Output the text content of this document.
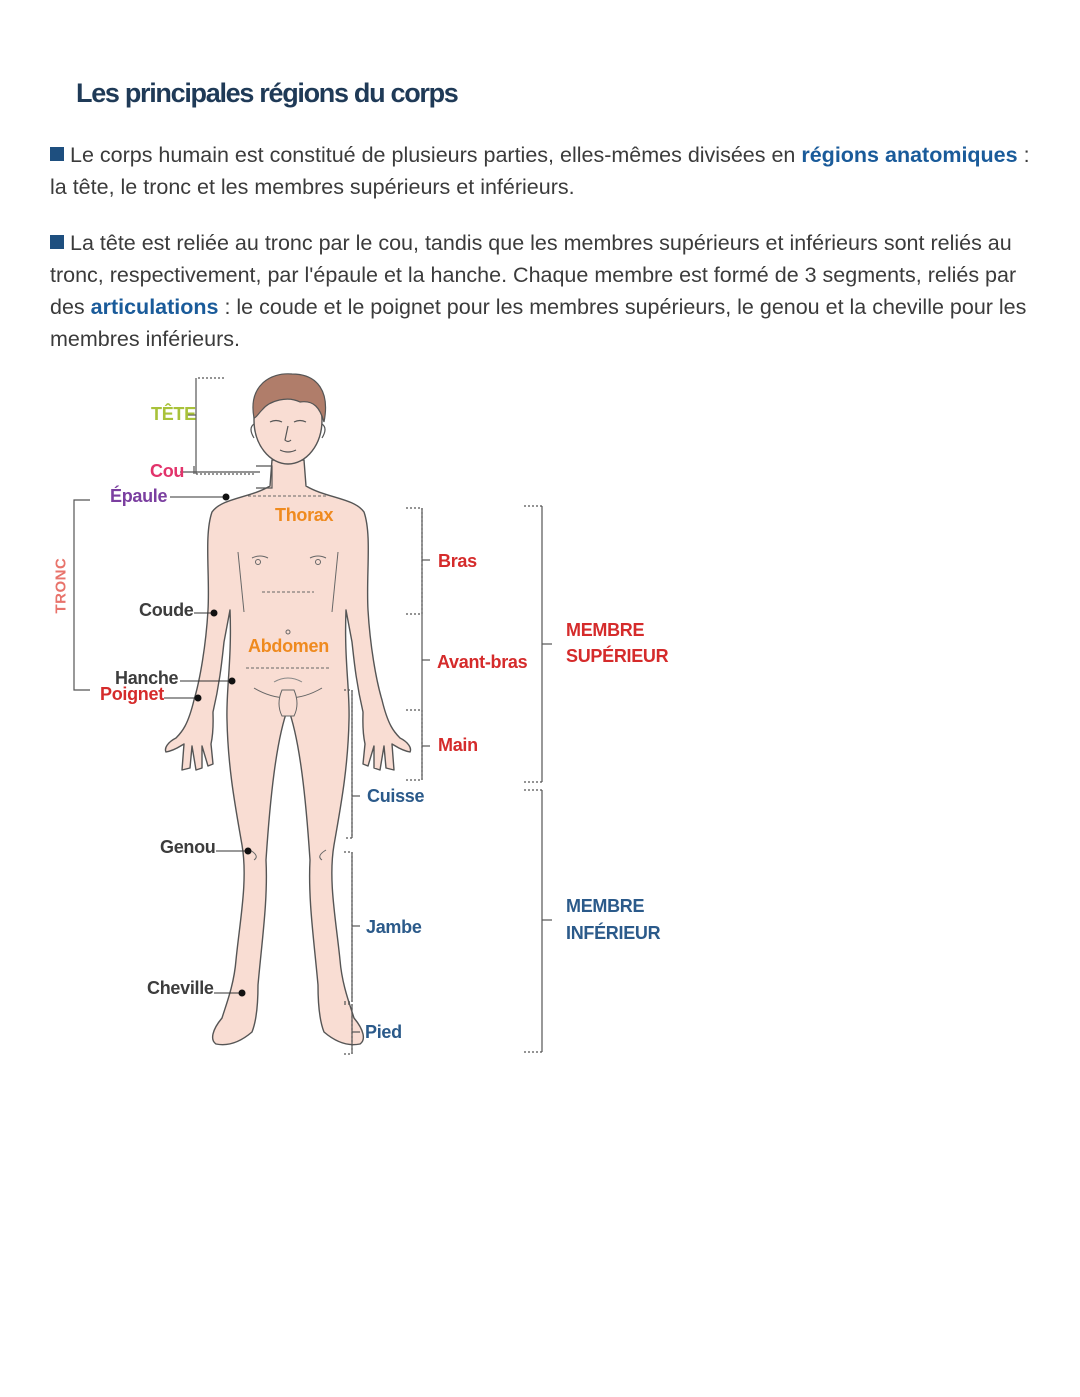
Les principales régions du corps
Le corps humain est constitué de plusieurs parties, elles-mêmes divisées en régions anatomiques : la tête, le tronc et les membres supérieurs et inférieurs.
La tête est reliée au tronc par le cou, tandis que les membres supérieurs et inférieurs sont reliés au tronc, respectivement, par l'épaule et la hanche. Chaque membre est formé de 3 segments, reliés par des articulations : le coude et le poignet pour les membres supérieurs, le genou et la cheville pour les membres inférieurs.
TÊTE
Cou
Épaule
TRONC
Thorax
Coude
Abdomen
Hanche
Poignet
Genou
Cheville
Bras
Avant-bras
Main
Cuisse
Jambe
Pied
MEMBRE
SUPÉRIEUR
MEMBRE
INFÉRIEUR
